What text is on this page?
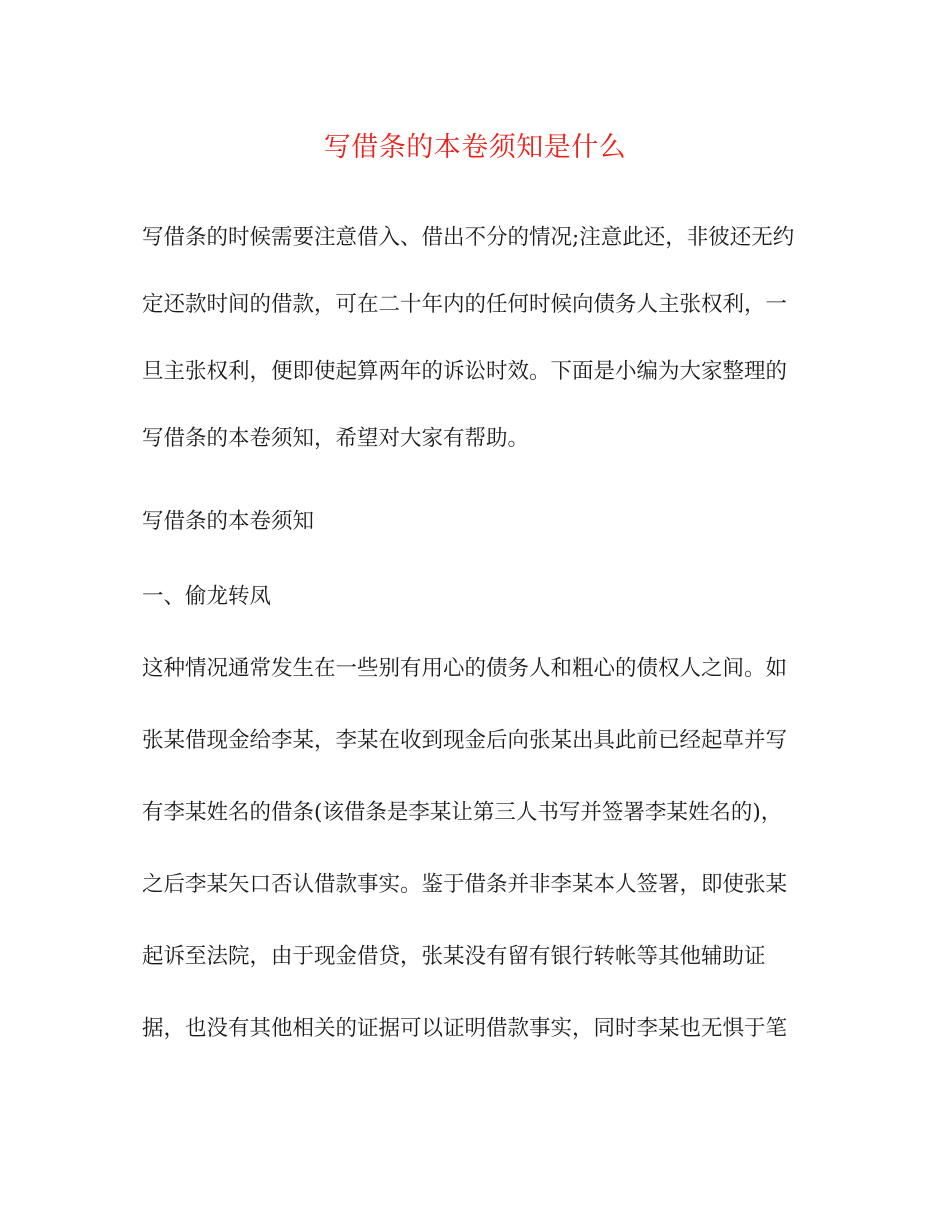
写借条的本卷须知是什么
写借条的时候需要注意借入、借出不分的情况;注意此还，非彼还无约
定还款时间的借款，可在二十年内的任何时候向债务人主张权利，一
旦主张权利，便即使起算两年的诉讼时效。下面是小编为大家整理的
写借条的本卷须知，希望对大家有帮助。
写借条的本卷须知
一、偷龙转凤
这种情况通常发生在一些别有用心的债务人和粗心的债权人之间。如
张某借现金给李某，李某在收到现金后向张某出具此前已经起草并写
有李某姓名的借条(该借条是李某让第三人书写并签署李某姓名的)，
之后李某矢口否认借款事实。鉴于借条并非李某本人签署，即使张某
起诉至法院，由于现金借贷，张某没有留有银行转帐等其他辅助证
据，也没有其他相关的证据可以证明借款事实，同时李某也无惧于笔
